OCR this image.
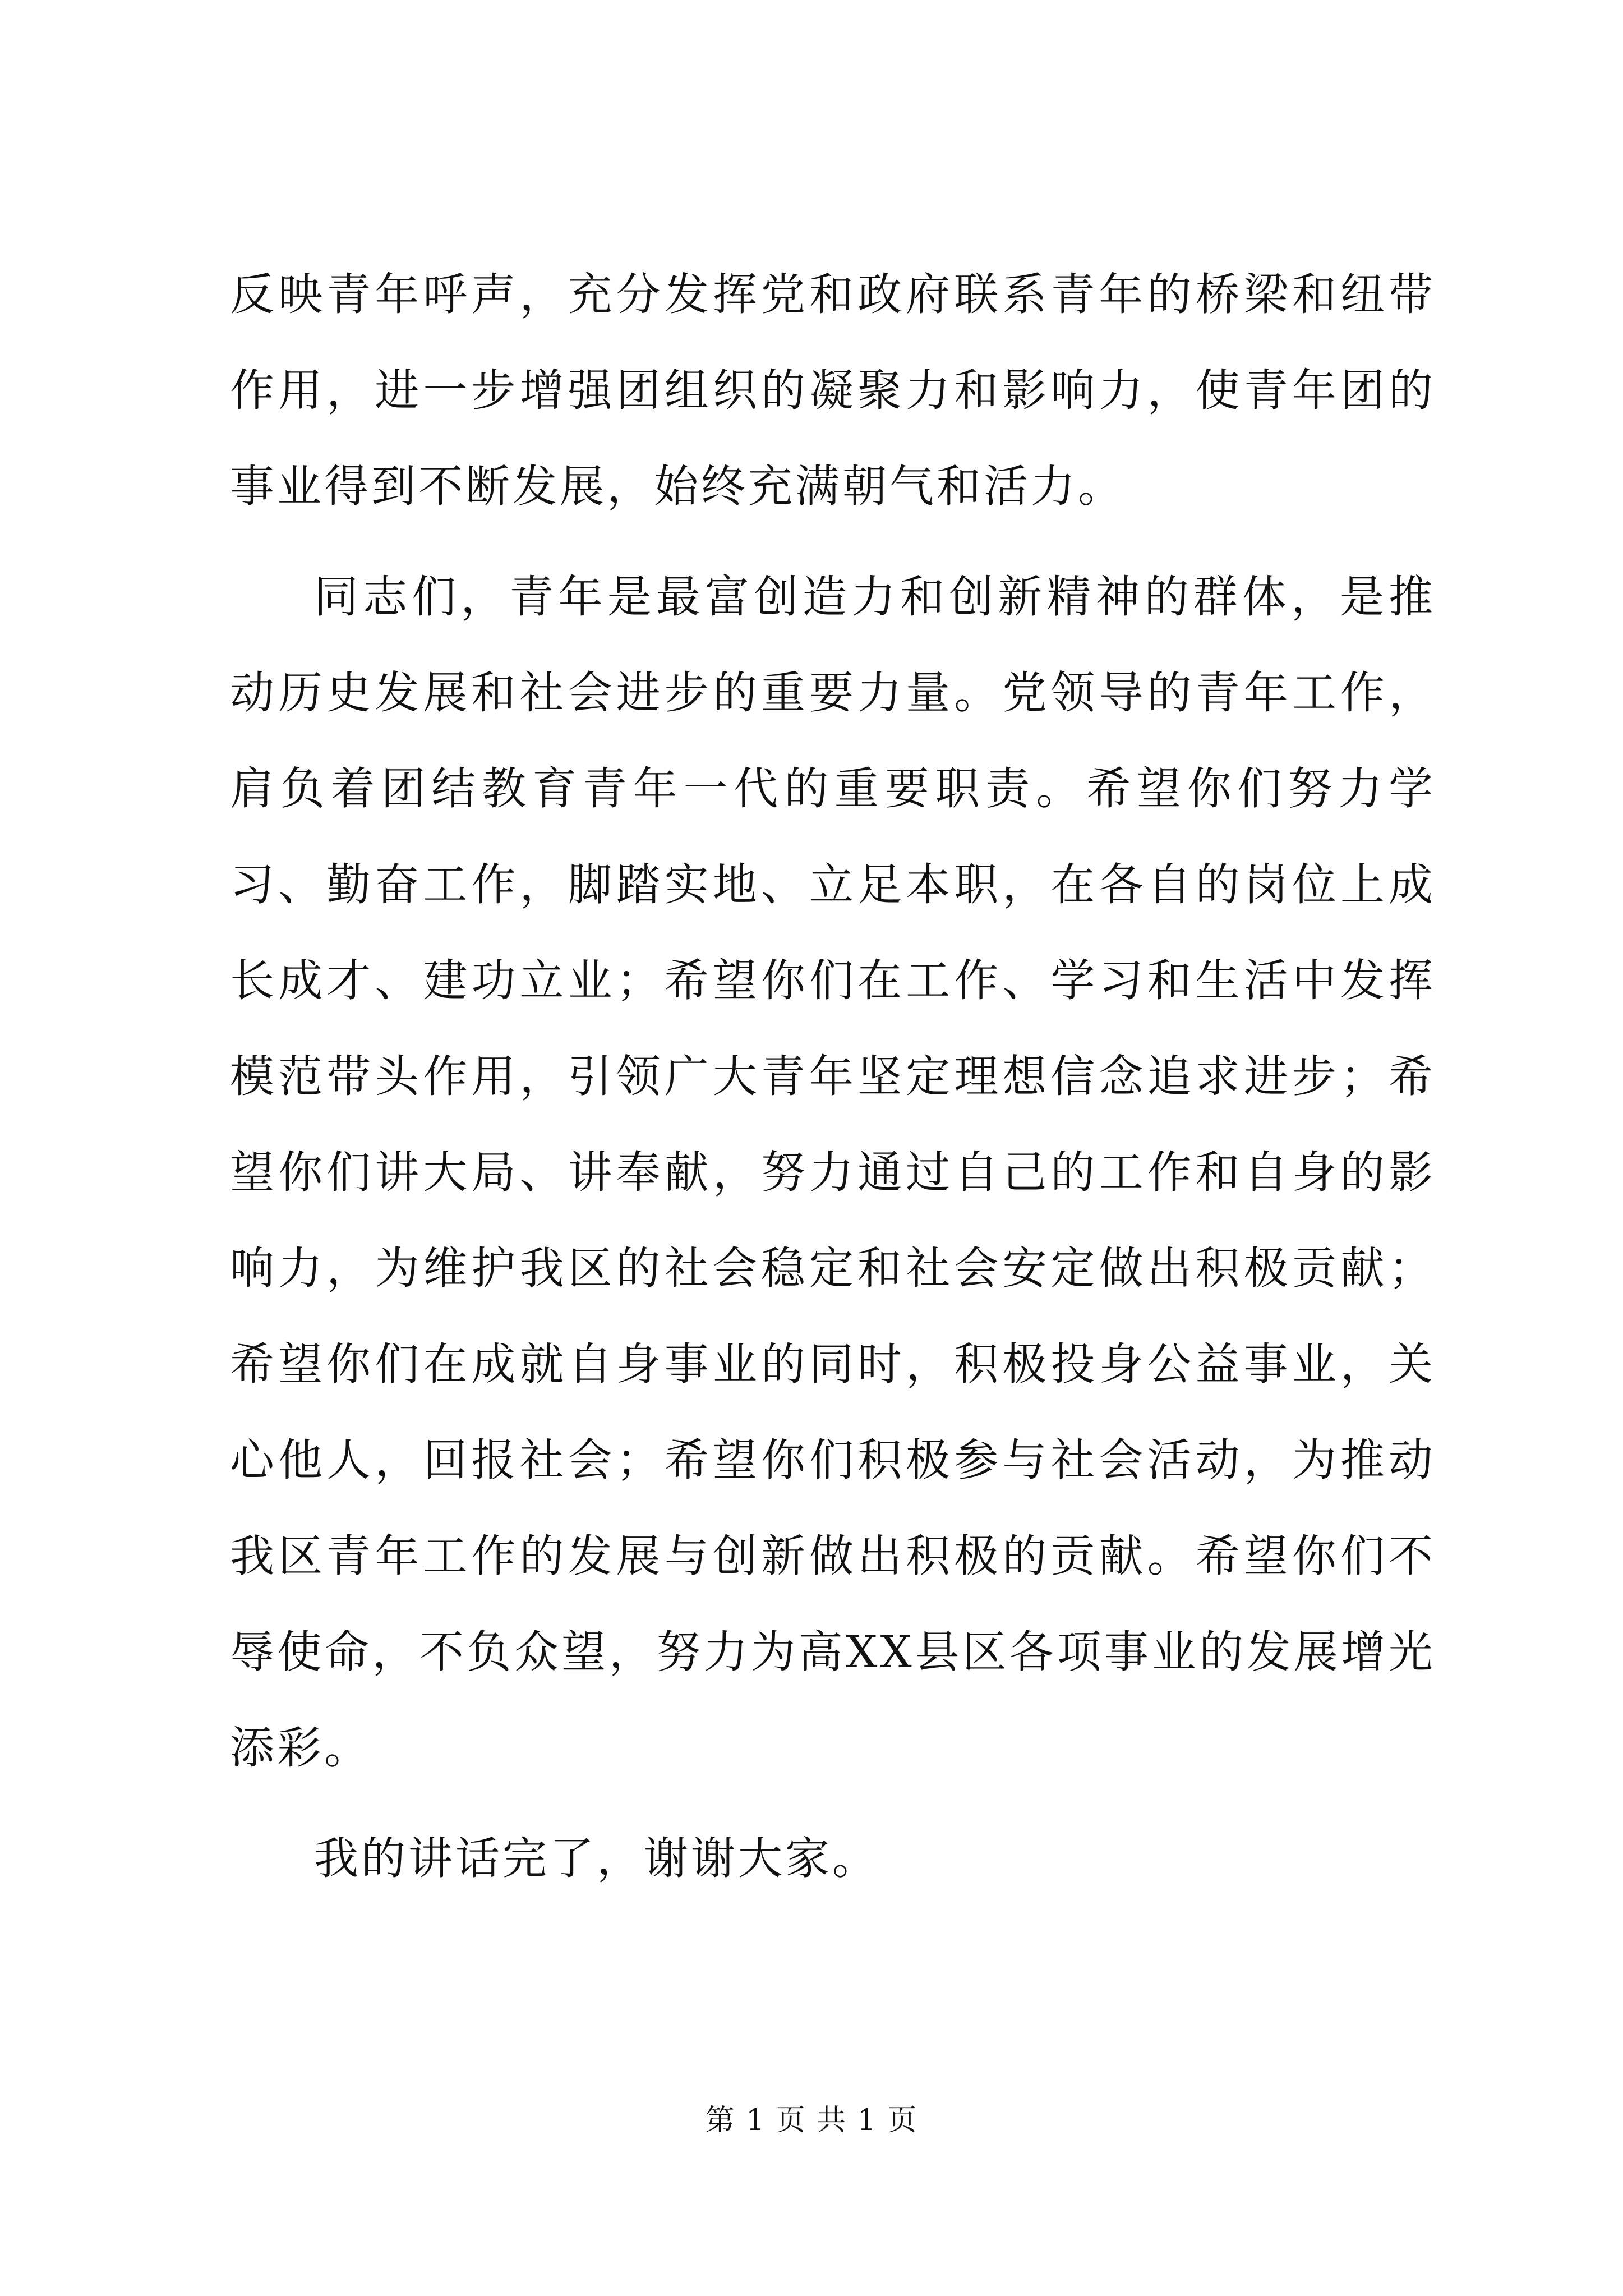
反映青年呼声，充分发挥党和政府联系青年的桥梁和纽带作用，进一步增强团组织的凝聚力和影响力，使青年团的事业得到不断发展，始终充满朝气和活力。

同志们，青年是最富创造力和创新精神的群体，是推动历史发展和社会进步的重要力量。党领导的青年工作，肩负着团结教育青年一代的重要职责。希望你们努力学习、勤奋工作，脚踏实地、立足本职，在各自的岗位上成长成才、建功立业；希望你们在工作、学习和生活中发挥模范带头作用，引领广大青年坚定理想信念追求进步；希望你们讲大局、讲奉献，努力通过自己的工作和自身的影响力，为维护我区的社会稳定和社会安定做出积极贡献；希望你们在成就自身事业的同时，积极投身公益事业，关心他人，回报社会；希望你们积极参与社会活动，为推动我区青年工作的发展与创新做出积极的贡献。希望你们不辱使命，不负众望，努力为高XX县区各项事业的发展增光添彩。

我的讲话完了，谢谢大家。

第 1 页 共 1 页
